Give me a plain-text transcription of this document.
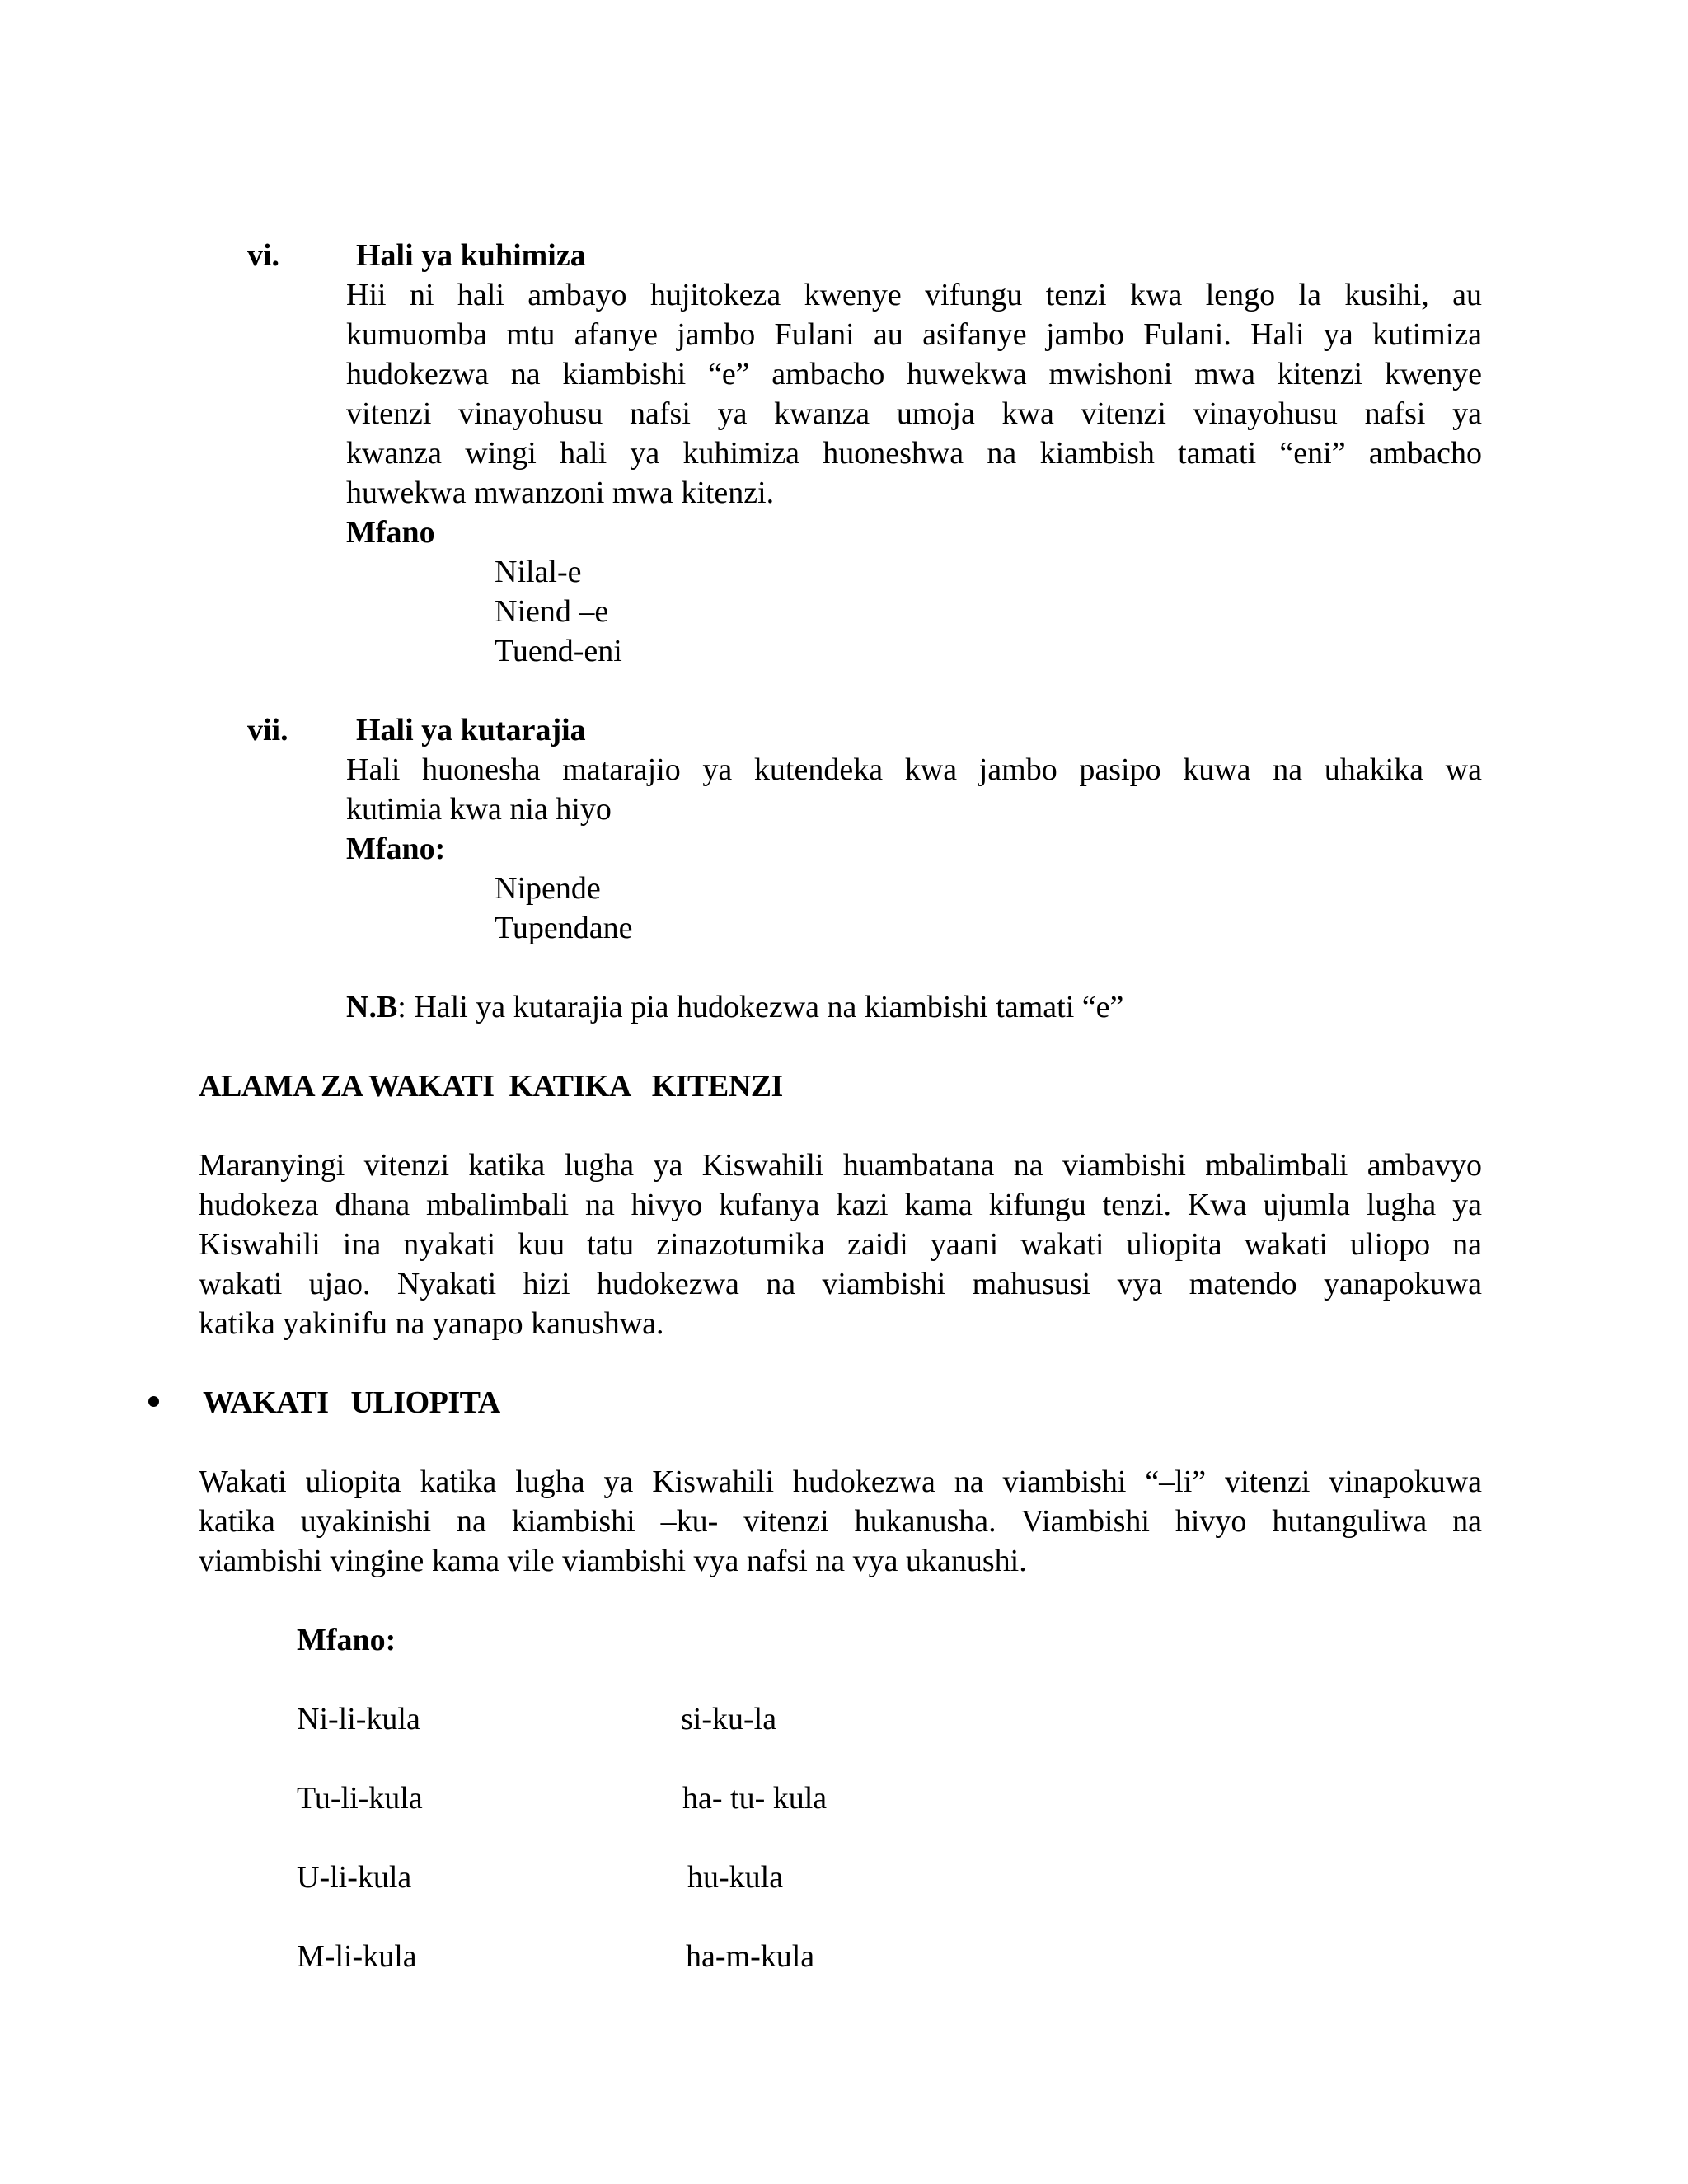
vi. Hali ya kuhimiza
Hii ni hali ambayo hujitokeza kwenye vifungu tenzi kwa lengo la kusihi, au
kumuomba mtu afanye jambo Fulani au asifanye jambo Fulani. Hali ya kutimiza
hudokezwa na kiambishi “e” ambacho huwekwa mwishoni mwa kitenzi kwenye
vitenzi vinayohusu nafsi ya kwanza umoja kwa vitenzi vinayohusu nafsi ya
kwanza wingi hali ya kuhimiza huoneshwa na kiambish tamati “eni” ambacho
huwekwa mwanzoni mwa kitenzi.
Mfano
Nilal-e
Niend –e
Tuend-eni
vii. Hali ya kutarajia
Hali huonesha matarajio ya kutendeka kwa jambo pasipo kuwa na uhakika wa
kutimia kwa nia hiyo
Mfano:
Nipende
Tupendane
N.B: Hali ya kutarajia pia hudokezwa na kiambishi tamati “e”
ALAMA ZA WAKATI  KATIKA   KITENZI
Maranyingi vitenzi katika lugha ya Kiswahili huambatana na viambishi mbalimbali ambavyo
hudokeza dhana mbalimbali na hivyo kufanya kazi kama kifungu tenzi. Kwa ujumla lugha ya
Kiswahili ina nyakati kuu tatu zinazotumika zaidi yaani wakati uliopita wakati uliopo na
wakati ujao. Nyakati hizi hudokezwa na viambishi mahususi vya matendo yanapokuwa
katika yakinifu na yanapo kanushwa.
WAKATI   ULIOPITA
Wakati uliopita katika lugha ya Kiswahili hudokezwa na viambishi “–li” vitenzi vinapokuwa
katika uyakinishi na kiambishi –ku- vitenzi hukanusha. Viambishi hivyo hutanguliwa na
viambishi vingine kama vile viambishi vya nafsi na vya ukanushi.
Mfano:
Ni-li-kula	si-ku-la
Tu-li-kula	ha- tu- kula
U-li-kula	hu-kula
M-li-kula	ha-m-kula
